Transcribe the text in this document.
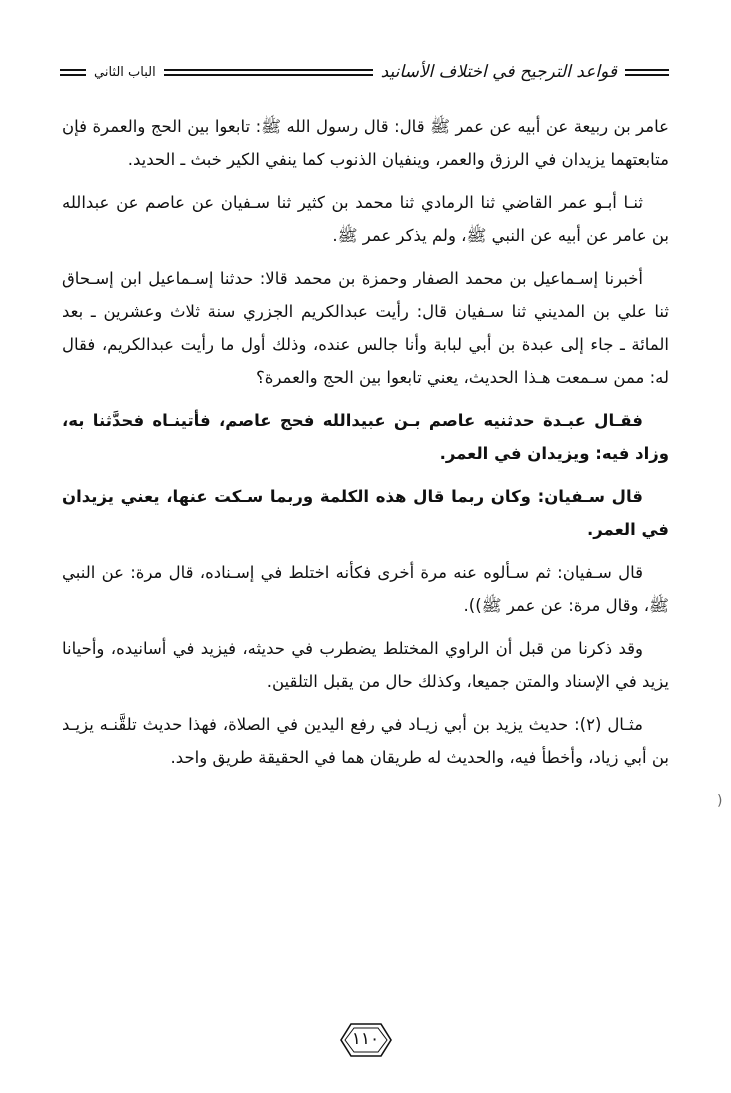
قواعد الترجيح في اختلاف الأسانيد
الباب الثاني

عامر بن ربيعة عن أبيه عن عمر ﷺ قال: قال رسول الله ﷺ: تابعوا بين الحج والعمرة فإن متابعتهما يزيدان في الرزق والعمر، وينفيان الذنوب كما ينفي الكير خبث ـ الحديد.

ثنـا أبـو عمر القاضي ثنا الرمادي ثنا محمد بن كثير ثنا سـفيان عن عاصم عن عبدالله بن عامر عن أبيه عن النبي ﷺ، ولم يذكر عمر ﷺ.

أخبرنا إسـماعيل بن محمد الصفار وحمزة بن محمد قالا: حدثنا إسـماعيل ابن إسـحاق ثنا علي بن المديني ثنا سـفيان قال: رأيت عبدالكريم الجزري سنة ثلاث وعشرين ـ بعد المائة ـ جاء إلى عبدة بن أبي لبابة وأنا جالس عنده، وذلك أول ما رأيت عبدالكريم، فقال له: ممن سـمعت هـذا الحديث، يعني تابعوا بين الحج والعمرة؟

فقـال عبـدة حدثنيه عاصم بـن عبيدالله فحج عاصم، فأتينـاه فحدَّثنا به، وزاد فيه: ويزيدان في العمر.

قال سـفيان: وكان ربما قال هذه الكلمة وربما سـكت عنها، يعني يزيدان في العمر.

قال سـفيان: ثم سـألوه عنه مرة أخرى فكأنه اختلط في إسـناده، قال مرة: عن النبي ﷺ، وقال مرة: عن عمر ﷺ)).

وقد ذكرنا من قبل أن الراوي المختلط يضطرب في حديثه، فيزيد في أسانيده، وأحيانا يزيد في الإسناد والمتن جميعا، وكذلك حال من يقبل التلقين.

مثـال (٢): حديث يزيد بن أبي زيـاد في رفع اليدين في الصلاة، فهذا حديث تلقَّنـه يزيـد بن أبي زياد، وأخطأ فيه، والحديث له طريقان هما في الحقيقة طريق واحد.

(
١١٠
